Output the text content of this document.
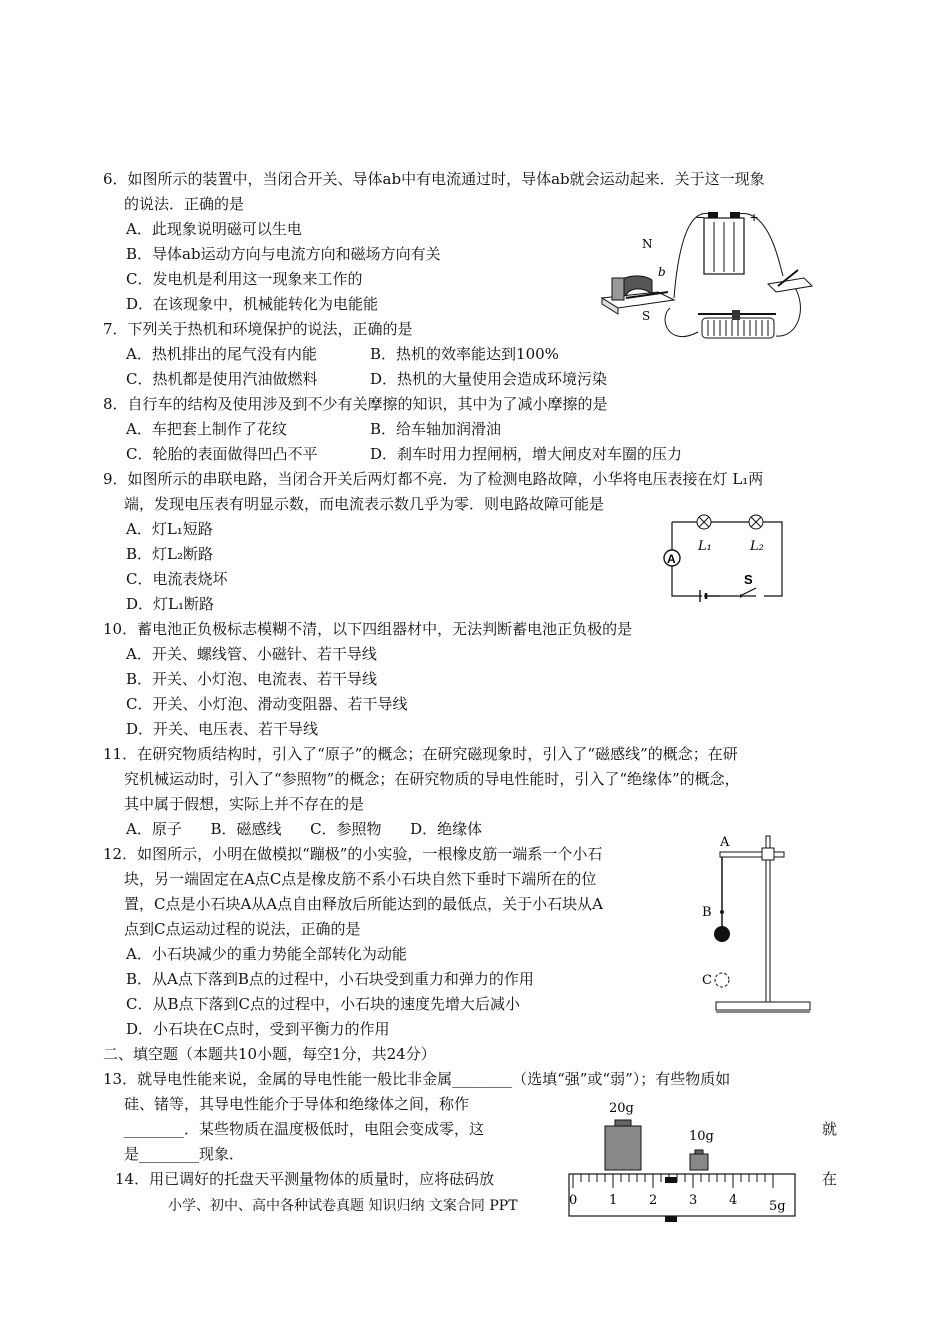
6．如图所示的装置中，当闭合开关、导体ab中有电流通过时，导体ab就会运动起来．关于这一现象
的说法．正确的是
A．此现象说明磁可以生电
B．导体ab运动方向与电流方向和磁场方向有关
C．发电机是利用这一现象来工作的
D．在该现象中，机械能转化为电能能
−	+
N
S
b
7．下列关于热机和环境保护的说法，正确的是
A．热机排出的尾气没有内能	B．热机的效率能达到100%
C．热机都是使用汽油做燃料	D．热机的大量使用会造成环境污染
8．自行车的结构及使用涉及到不少有关摩擦的知识，其中为了减小摩擦的是
A．车把套上制作了花纹	B．给车轴加润滑油
C．轮胎的表面做得凹凸不平	D．刹车时用力捏闸柄，增大闸皮对车圈的压力
9．如图所示的串联电路，当闭合开关后两灯都不亮．为了检测电路故障，小华将电压表接在灯 L₁两
端，发现电压表有明显示数，而电流表示数几乎为零．则电路故障可能是
A．灯L₁短路
B．灯L₂断路
C．电流表烧坏
D．灯L₁断路
L₁	L₂
A
S
10．蓄电池正负极标志模糊不清，以下四组器材中，无法判断蓄电池正负极的是
A．开关、螺线管、小磁针、若干导线
B．开关、小灯泡、电流表、若干导线
C．开关、小灯泡、滑动变阻器、若干导线
D．开关、电压表、若干导线
11．在研究物质结构时，引入了“原子”的概念；在研究磁现象时，引入了“磁感线”的概念；在研
究机械运动时，引入了“参照物”的概念；在研究物质的导电性能时，引入了“绝缘体”的概念，
其中属于假想，实际上并不存在的是
A．原子      B．磁感线      C．参照物      D．绝缘体
12．如图所示，小明在做模拟“蹦极”的小实验，一根橡皮筋一端系一个小石
块，另一端固定在A点C点是橡皮筋不系小石块自然下垂时下端所在的位
置，C点是小石块A从A点自由释放后所能达到的最低点，关于小石块从A
点到C点运动过程的说法，正确的是
A．小石块减少的重力势能全部转化为动能
B．从A点下落到B点的过程中，小石块受到重力和弹力的作用
C．从B点下落到C点的过程中，小石块的速度先增大后减小
D．小石块在C点时，受到平衡力的作用
A
B
C
二、填空题（本题共10小题，每空1分，共24分）
13．就导电性能来说，金属的导电性能一般比非金属________（选填“强”或“弱”）；有些物质如
硅、锗等，其导电性能介于导体和绝缘体之间，称作
________．某些物质在温度极低时，电阻会变成零，这	就
是________现象．
14．用已调好的托盘天平测量物体的质量时，应将砝码放	在
20g
10g
0 1 2 3 4 5g
小学、初中、高中各种试卷真题 知识归纳 文案合同 PPT
